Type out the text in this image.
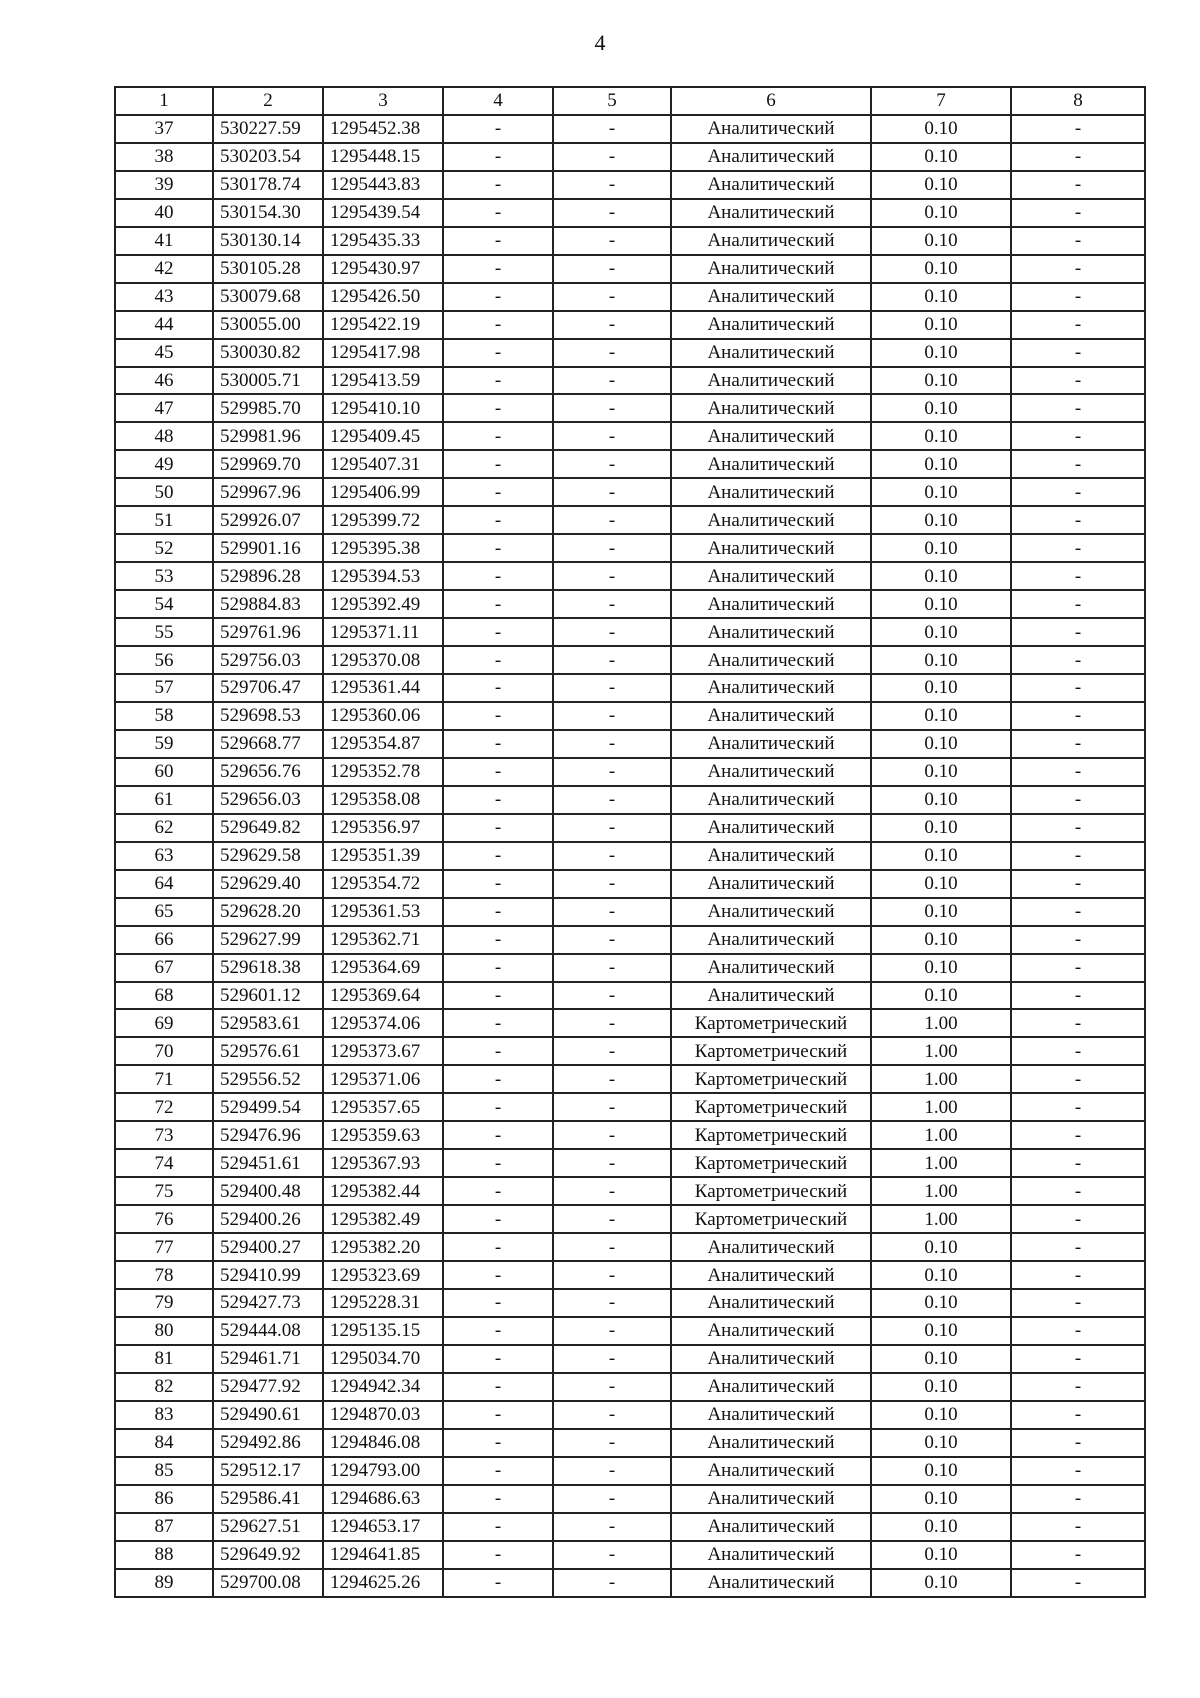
4
1	2	3	4	5	6	7	8
37	530227.59	1295452.38	-	-	Аналитический	0.10	-
38	530203.54	1295448.15	-	-	Аналитический	0.10	-
39	530178.74	1295443.83	-	-	Аналитический	0.10	-
40	530154.30	1295439.54	-	-	Аналитический	0.10	-
41	530130.14	1295435.33	-	-	Аналитический	0.10	-
42	530105.28	1295430.97	-	-	Аналитический	0.10	-
43	530079.68	1295426.50	-	-	Аналитический	0.10	-
44	530055.00	1295422.19	-	-	Аналитический	0.10	-
45	530030.82	1295417.98	-	-	Аналитический	0.10	-
46	530005.71	1295413.59	-	-	Аналитический	0.10	-
47	529985.70	1295410.10	-	-	Аналитический	0.10	-
48	529981.96	1295409.45	-	-	Аналитический	0.10	-
49	529969.70	1295407.31	-	-	Аналитический	0.10	-
50	529967.96	1295406.99	-	-	Аналитический	0.10	-
51	529926.07	1295399.72	-	-	Аналитический	0.10	-
52	529901.16	1295395.38	-	-	Аналитический	0.10	-
53	529896.28	1295394.53	-	-	Аналитический	0.10	-
54	529884.83	1295392.49	-	-	Аналитический	0.10	-
55	529761.96	1295371.11	-	-	Аналитический	0.10	-
56	529756.03	1295370.08	-	-	Аналитический	0.10	-
57	529706.47	1295361.44	-	-	Аналитический	0.10	-
58	529698.53	1295360.06	-	-	Аналитический	0.10	-
59	529668.77	1295354.87	-	-	Аналитический	0.10	-
60	529656.76	1295352.78	-	-	Аналитический	0.10	-
61	529656.03	1295358.08	-	-	Аналитический	0.10	-
62	529649.82	1295356.97	-	-	Аналитический	0.10	-
63	529629.58	1295351.39	-	-	Аналитический	0.10	-
64	529629.40	1295354.72	-	-	Аналитический	0.10	-
65	529628.20	1295361.53	-	-	Аналитический	0.10	-
66	529627.99	1295362.71	-	-	Аналитический	0.10	-
67	529618.38	1295364.69	-	-	Аналитический	0.10	-
68	529601.12	1295369.64	-	-	Аналитический	0.10	-
69	529583.61	1295374.06	-	-	Картометрический	1.00	-
70	529576.61	1295373.67	-	-	Картометрический	1.00	-
71	529556.52	1295371.06	-	-	Картометрический	1.00	-
72	529499.54	1295357.65	-	-	Картометрический	1.00	-
73	529476.96	1295359.63	-	-	Картометрический	1.00	-
74	529451.61	1295367.93	-	-	Картометрический	1.00	-
75	529400.48	1295382.44	-	-	Картометрический	1.00	-
76	529400.26	1295382.49	-	-	Картометрический	1.00	-
77	529400.27	1295382.20	-	-	Аналитический	0.10	-
78	529410.99	1295323.69	-	-	Аналитический	0.10	-
79	529427.73	1295228.31	-	-	Аналитический	0.10	-
80	529444.08	1295135.15	-	-	Аналитический	0.10	-
81	529461.71	1295034.70	-	-	Аналитический	0.10	-
82	529477.92	1294942.34	-	-	Аналитический	0.10	-
83	529490.61	1294870.03	-	-	Аналитический	0.10	-
84	529492.86	1294846.08	-	-	Аналитический	0.10	-
85	529512.17	1294793.00	-	-	Аналитический	0.10	-
86	529586.41	1294686.63	-	-	Аналитический	0.10	-
87	529627.51	1294653.17	-	-	Аналитический	0.10	-
88	529649.92	1294641.85	-	-	Аналитический	0.10	-
89	529700.08	1294625.26	-	-	Аналитический	0.10	-
